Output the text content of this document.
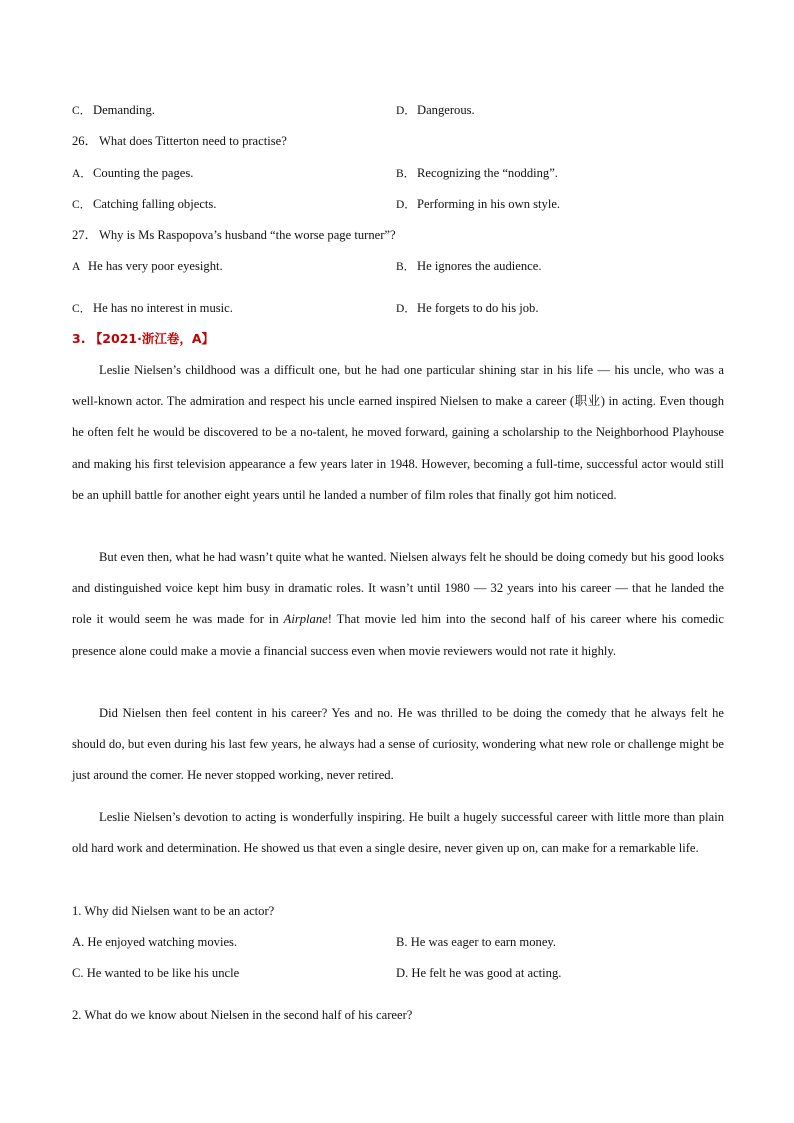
C． Demanding.	D．Dangerous.
26． What does Titterton need to practise?
A．Counting the pages.	B． Recognizing the “nodding”.
C． Catching falling objects.	D．Performing in his own style.
27． Why is Ms Raspopova’s husband “the worse page turner”?
A He has very poor eyesight.	B． He ignores the audience.
C． He has no interest in music.	D．He forgets to do his job.
3. 【2021·浙江卷，A】

Leslie Nielsen’s childhood was a difficult one, but he had one particular shining star in his life — his uncle, who was a well-known actor. The admiration and respect his uncle earned inspired Nielsen to make a career (职业) in acting. Even though he often felt he would be discovered to be a no-talent, he moved forward, gaining a scholarship to the Neighborhood Playhouse and making his first television appearance a few years later in 1948. However, becoming a full-time, successful actor would still be an uphill battle for another eight years until he landed a number of film roles that finally got him noticed.

But even then, what he had wasn’t quite what he wanted. Nielsen always felt he should be doing comedy but his good looks and distinguished voice kept him busy in dramatic roles. It wasn’t until 1980 — 32 years into his career — that he landed the role it would seem he was made for in Airplane! That movie led him into the second half of his career where his comedic presence alone could make a movie a financial success even when movie reviewers would not rate it highly.

Did Nielsen then feel content in his career? Yes and no. He was thrilled to be doing the comedy that he always felt he should do, but even during his last few years, he always had a sense of curiosity, wondering what new role or challenge might be just around the comer. He never stopped working, never retired.

Leslie Nielsen’s devotion to acting is wonderfully inspiring. He built a hugely successful career with little more than plain old hard work and determination. He showed us that even a single desire, never given up on, can make for a remarkable life.

1. Why did Nielsen want to be an actor?
A. He enjoyed watching movies.	B. He was eager to earn money.
C. He wanted to be like his uncle	D. He felt he was good at acting.
2. What do we know about Nielsen in the second half of his career?
